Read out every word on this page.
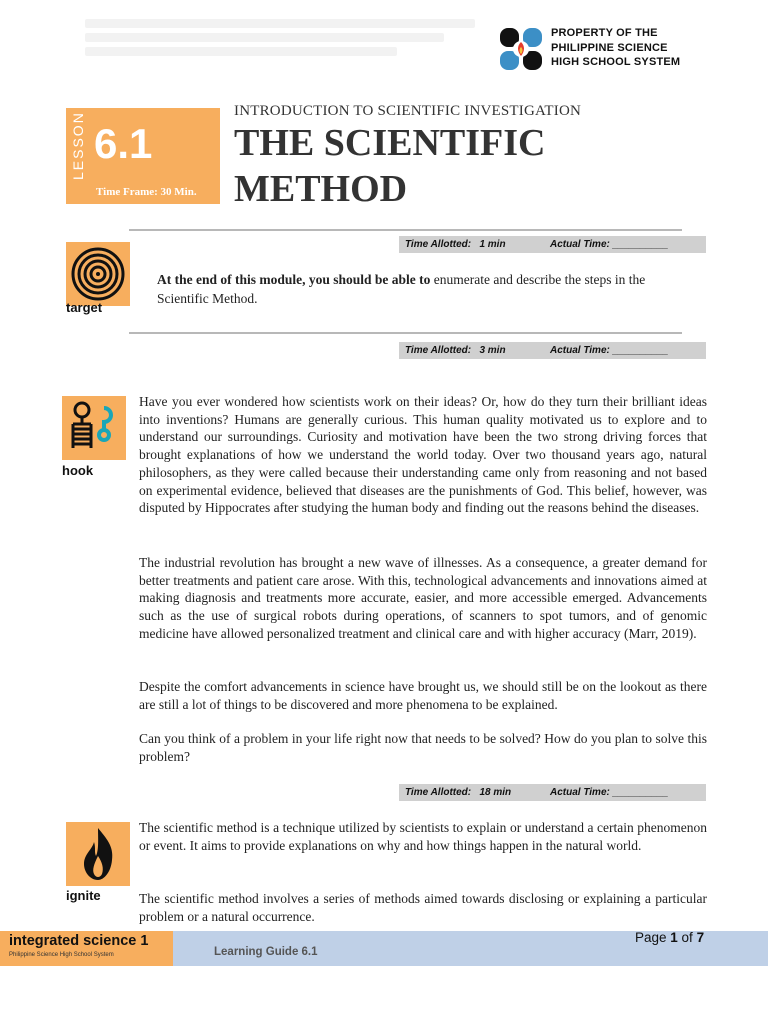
PROPERTY OF THE
PHILIPPINE SCIENCE
HIGH SCHOOL SYSTEM
LESSON 6.1
Time Frame: 30 Min.
INTRODUCTION TO SCIENTIFIC INVESTIGATION
THE SCIENTIFIC
METHOD
Time Allotted:   1 min	Actual Time: __________
target
At the end of this module, you should be able to enumerate and describe the steps in the Scientific Method.
Time Allotted:   3 min	Actual Time: __________
hook
Have you ever wondered how scientists work on their ideas? Or, how do they turn their brilliant ideas into inventions? Humans are generally curious. This human quality motivated us to explore and to understand our surroundings. Curiosity and motivation have been the two strong driving forces that brought explanations of how we understand the world today. Over two thousand years ago, natural philosophers, as they were called because their understanding came only from reasoning and not based on experimental evidence, believed that diseases are the punishments of God. This belief, however, was disputed by Hippocrates after studying the human body and finding out the reasons behind the diseases.
The industrial revolution has brought a new wave of illnesses. As a consequence, a greater demand for better treatments and patient care arose. With this, technological advancements and innovations aimed at making diagnosis and treatments more accurate, easier, and more accessible emerged. Advancements such as the use of surgical robots during operations, of scanners to spot tumors, and of genomic medicine have allowed personalized treatment and clinical care and with higher accuracy (Marr, 2019).
Despite the comfort advancements in science have brought us, we should still be on the lookout as there are still a lot of things to be discovered and more phenomena to be explained.
Can you think of a problem in your life right now that needs to be solved? How do you plan to solve this problem?
Time Allotted:   18 min	Actual Time: __________
ignite
The scientific method is a technique utilized by scientists to explain or understand a certain phenomenon or event. It aims to provide explanations on why and how things happen in the natural world.
The scientific method involves a series of methods aimed towards disclosing or explaining a particular problem or a natural occurrence.
integrated science 1
Philippine Science High School System	Learning Guide 6.1
Page 1 of 7
